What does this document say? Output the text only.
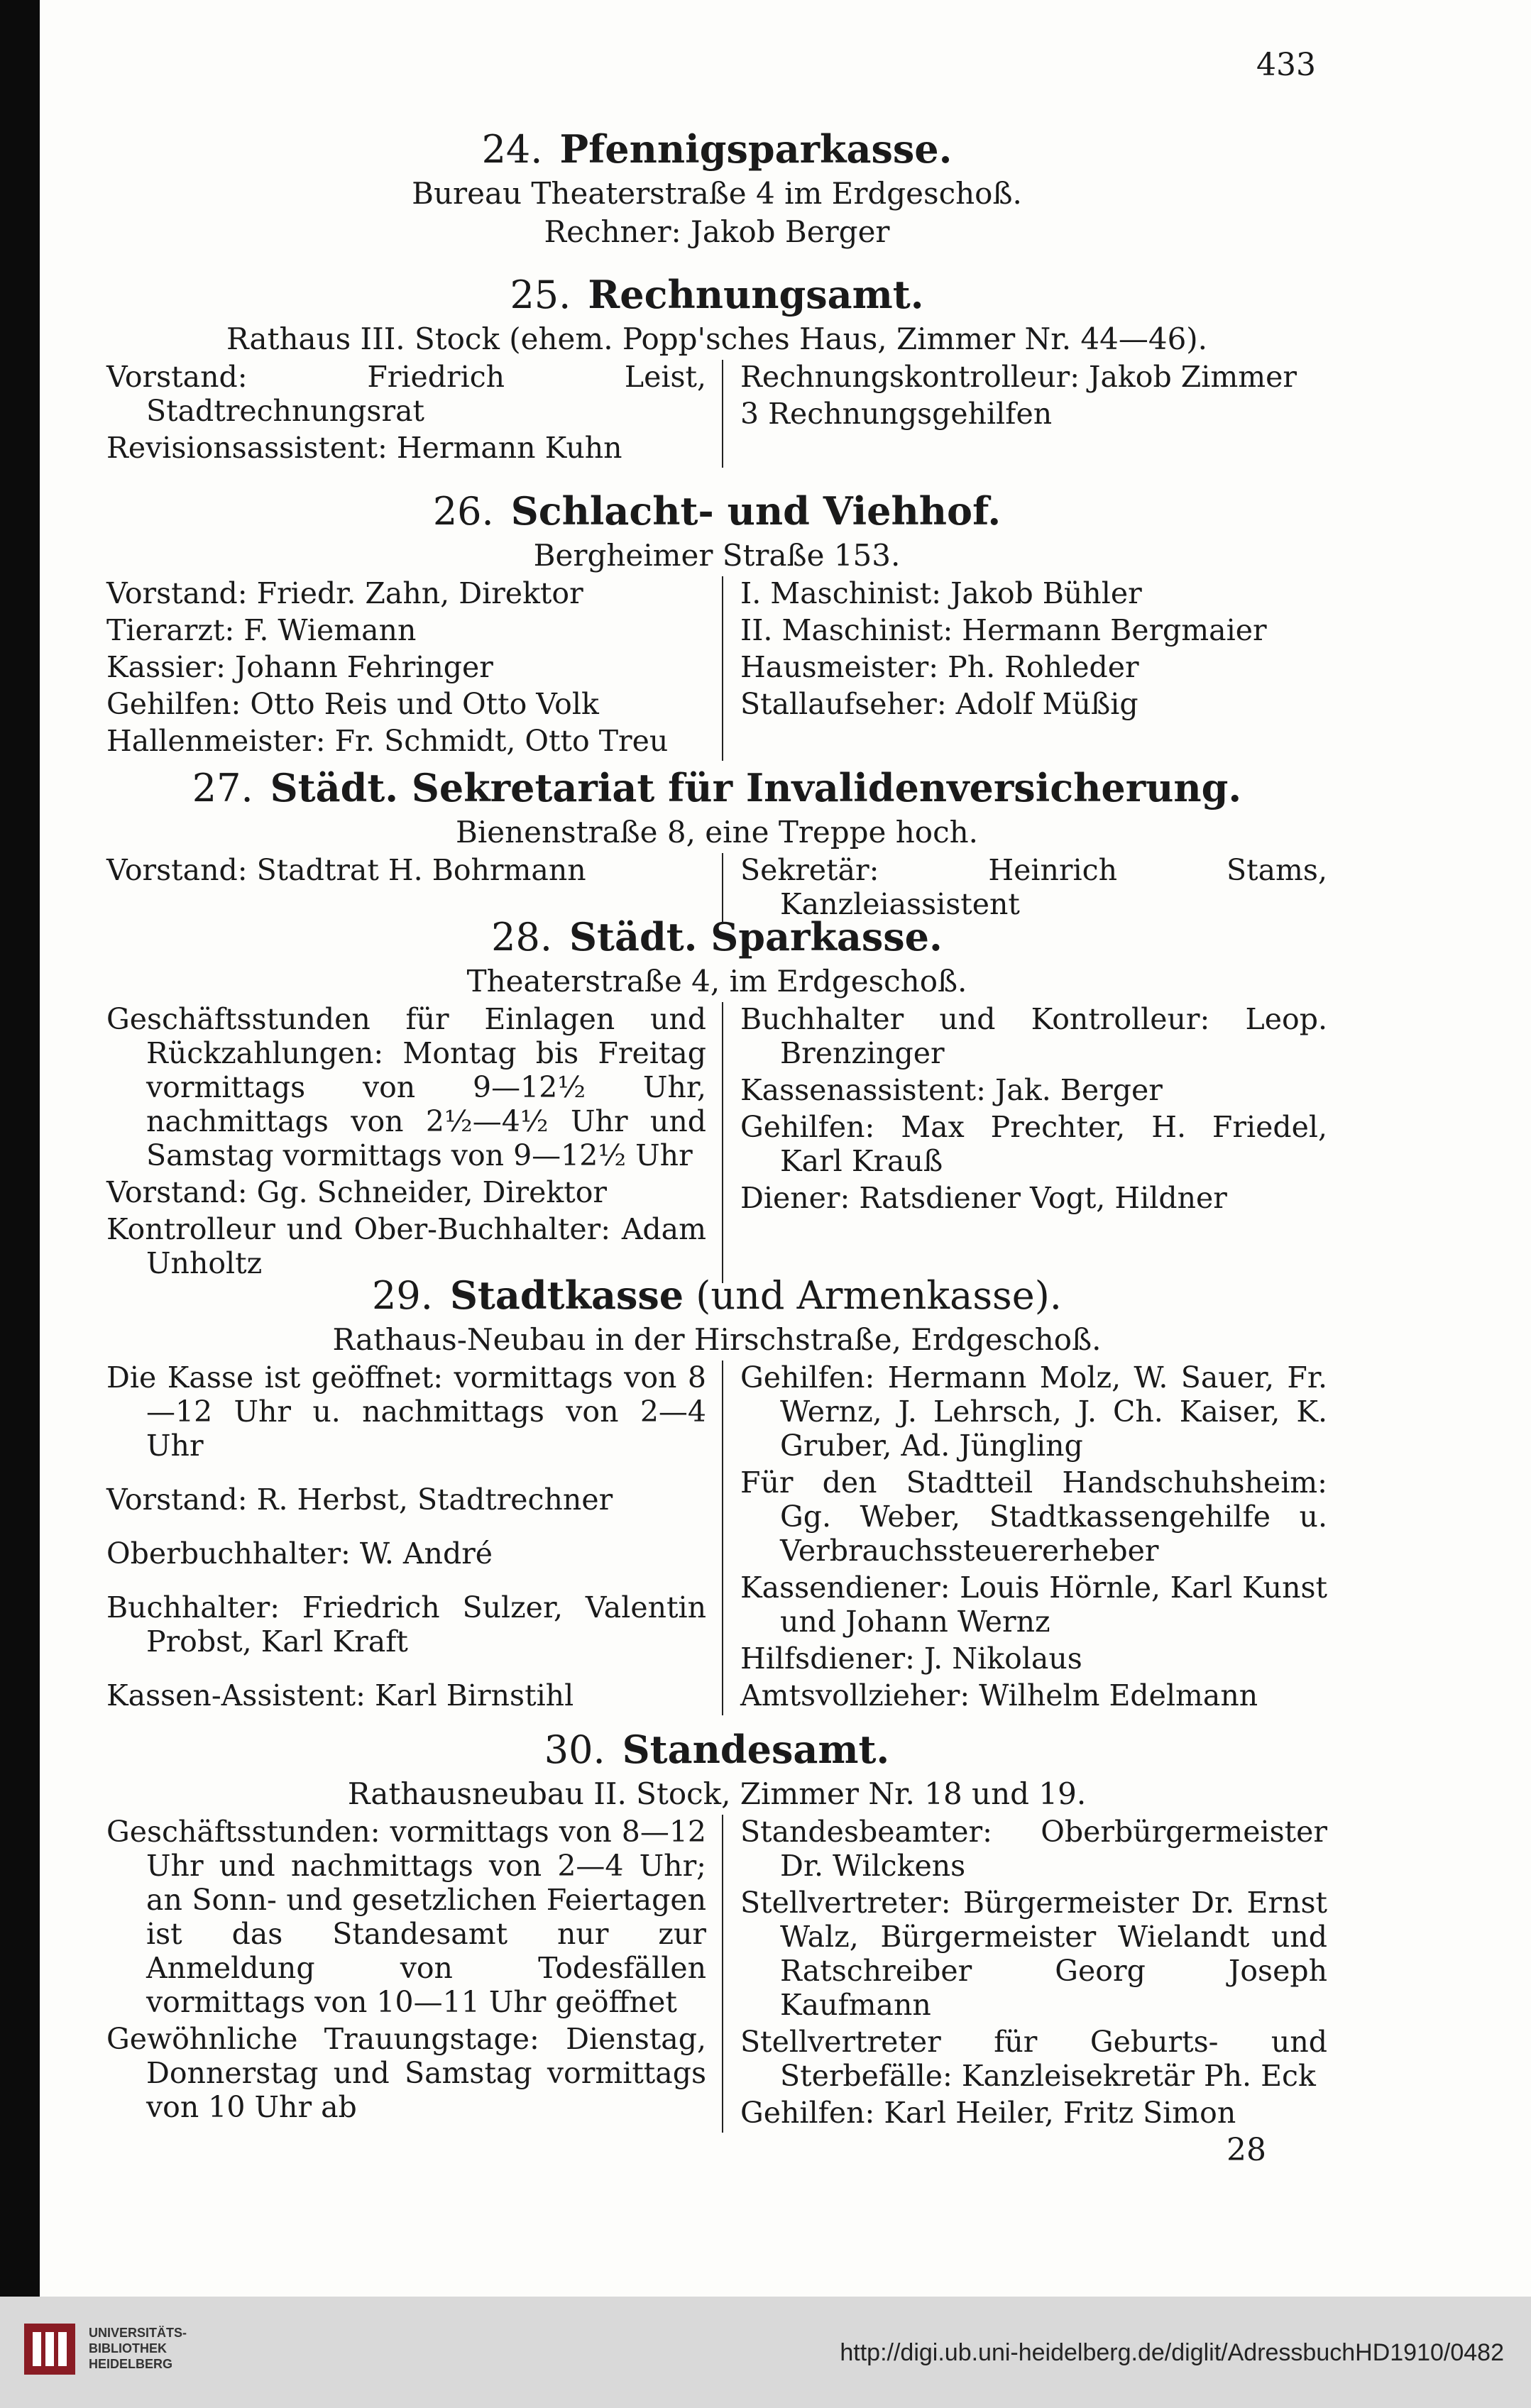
433
24. Pfennigsparkasse.
Bureau Theaterstraße 4 im Erdgeschoß.
Rechner: Jakob Berger
25. Rechnungsamt.
Rathaus III. Stock (ehem. Popp'sches Haus, Zimmer Nr. 44—46).
Vorstand: Friedrich Leist, Stadtrechnungsrat
Revisionsassistent: Hermann Kuhn
Rechnungskontrolleur: Jakob Zimmer
3 Rechnungsgehilfen
26. Schlacht- und Viehhof.
Bergheimer Straße 153.
Vorstand: Friedr. Zahn, Direktor
Tierarzt: F. Wiemann
Kassier: Johann Fehringer
Gehilfen: Otto Reis und Otto Volk
Hallenmeister: Fr. Schmidt, Otto Treu
I. Maschinist: Jakob Bühler
II. Maschinist: Hermann Bergmaier
Hausmeister: Ph. Rohleder
Stallaufseher: Adolf Müßig
27. Städt. Sekretariat für Invalidenversicherung.
Bienenstraße 8, eine Treppe hoch.
Vorstand: Stadtrat H. Bohrmann	Sekretär: Heinrich Stams, Kanzleiassistent
28. Städt. Sparkasse.
Theaterstraße 4, im Erdgeschoß.
Geschäftsstunden für Einlagen und Rückzahlungen: Montag bis Freitag vormittags von 9—12½ Uhr, nachmittags von 2½—4½ Uhr und Samstag vormittags von 9—12½ Uhr
Vorstand: Gg. Schneider, Direktor
Kontrolleur und Ober-Buchhalter: Adam Unholtz
Buchhalter und Kontrolleur: Leop. Brenzinger
Kassenassistent: Jak. Berger
Gehilfen: Max Prechter, H. Friedel, Karl Krauß
Diener: Ratsdiener Vogt, Hildner
29. Stadtkasse (und Armenkasse).
Rathaus-Neubau in der Hirschstraße, Erdgeschoß.
Die Kasse ist geöffnet: vormittags von 8—12 Uhr u. nachmittags von 2—4 Uhr
Vorstand: R. Herbst, Stadtrechner
Oberbuchhalter: W. André
Buchhalter: Friedrich Sulzer, Valentin Probst, Karl Kraft
Kassen-Assistent: Karl Birnstihl
Gehilfen: Hermann Molz, W. Sauer, Fr. Wernz, J. Lehrsch, J. Ch. Kaiser, K. Gruber, Ad. Jüngling
Für den Stadtteil Handschuhsheim: Gg. Weber, Stadtkassengehilfe u. Verbrauchssteuererheber
Kassendiener: Louis Hörnle, Karl Kunst und Johann Wernz
Hilfsdiener: J. Nikolaus
Amtsvollzieher: Wilhelm Edelmann
30. Standesamt.
Rathausneubau II. Stock, Zimmer Nr. 18 und 19.
Geschäftsstunden: vormittags von 8—12 Uhr und nachmittags von 2—4 Uhr; an Sonn- und gesetzlichen Feiertagen ist das Standesamt nur zur Anmeldung von Todesfällen vormittags von 10—11 Uhr geöffnet
Gewöhnliche Trauungstage: Dienstag, Donnerstag und Samstag vormittags von 10 Uhr ab
Standesbeamter: Oberbürgermeister Dr. Wilckens
Stellvertreter: Bürgermeister Dr. Ernst Walz, Bürgermeister Wielandt und Ratschreiber Georg Joseph Kaufmann
Stellvertreter für Geburts- und Sterbefälle: Kanzleisekretär Ph. Eck
Gehilfen: Karl Heiler, Fritz Simon
28
UNIVERSITÄTS-
BIBLIOTHEK
HEIDELBERG	http://digi.ub.uni-heidelberg.de/diglit/AdressbuchHD1910/0482
